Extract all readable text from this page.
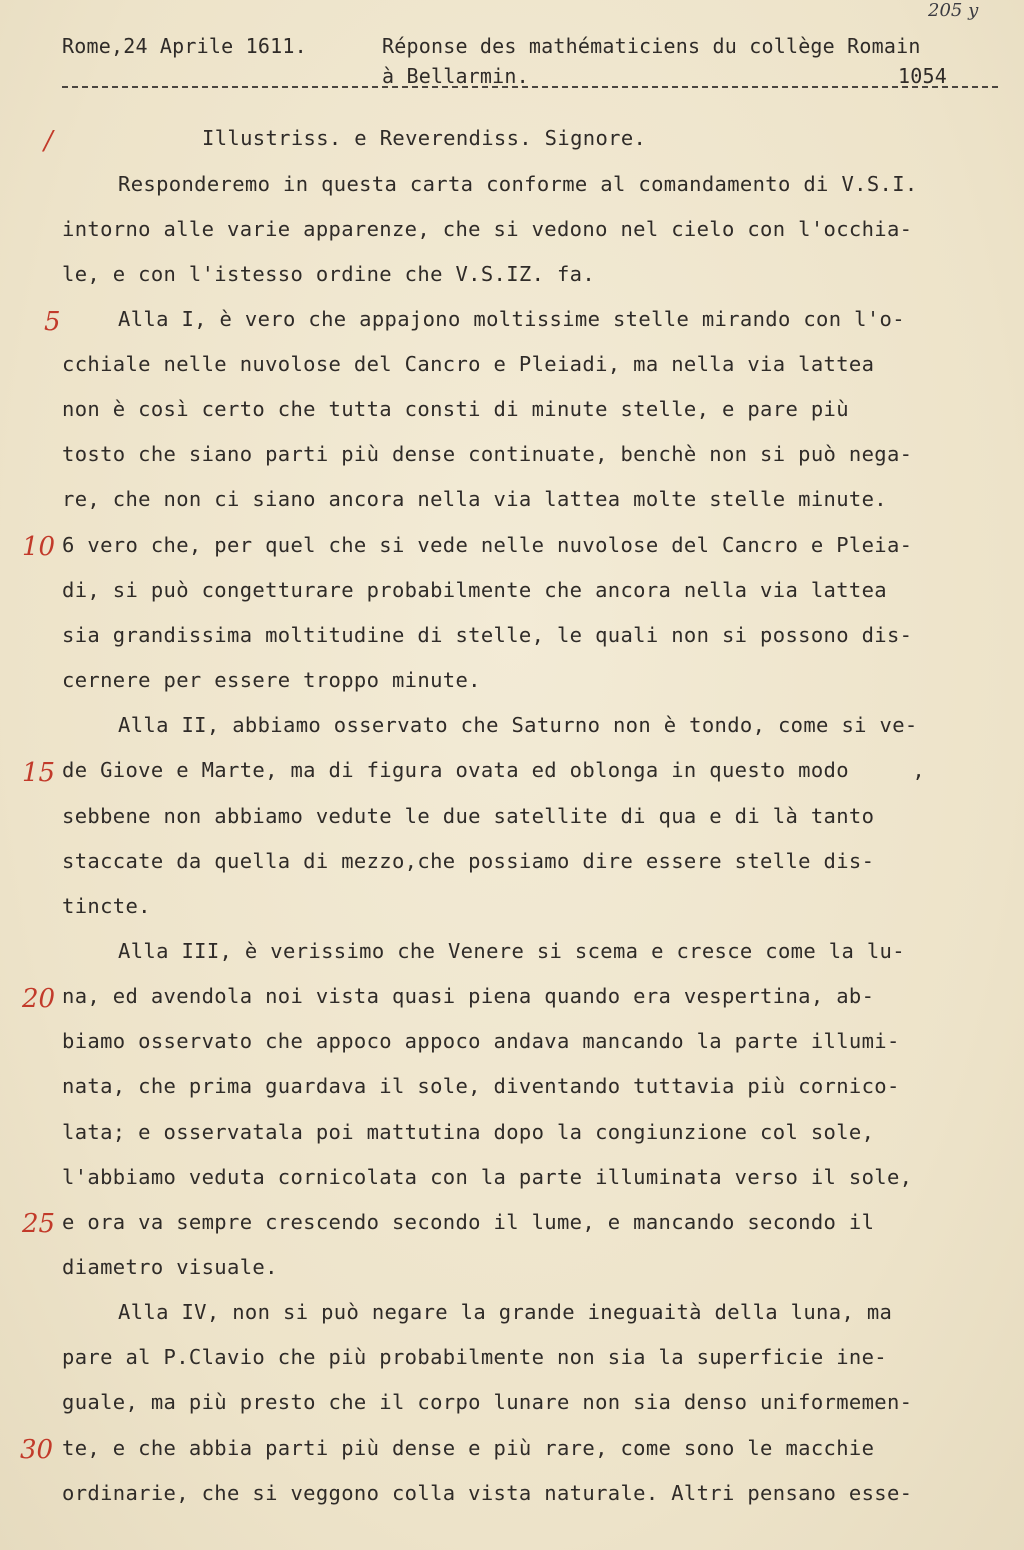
205 y
Rome,24 Aprile 1611.	Réponse des mathématiciens du collège Romain
à Bellarmin.	1054
Illustriss. e Reverendiss. Signore.
Responderemo in questa carta conforme al comandamento di V.S.I.
intorno alle varie apparenze, che si vedono nel cielo con l'occhia-
le, e con l'istesso ordine che V.S.IZ. fa.
Alla I, è vero che appajono moltissime stelle mirando con l'o-
cchiale nelle nuvolose del Cancro e Pleiadi, ma nella via lattea
non è così certo che tutta consti di minute stelle, e pare più
tosto che siano parti più dense continuate, benchè non si può nega-
re, che non ci siano ancora nella via lattea molte stelle minute.
6 vero che, per quel che si vede nelle nuvolose del Cancro e Pleia-
di, si può congetturare probabilmente che ancora nella via lattea
sia grandissima moltitudine di stelle, le quali non si possono dis-
cernere per essere troppo minute.
Alla II, abbiamo osservato che Saturno non è tondo, come si ve-
de Giove e Marte, ma di figura ovata ed oblonga in questo modo     ,
sebbene non abbiamo vedute le due satellite di qua e di là tanto
staccate da quella di mezzo,che possiamo dire essere stelle dis-
tincte.
Alla III, è verissimo che Venere si scema e cresce come la lu-
na, ed avendola noi vista quasi piena quando era vespertina, ab-
biamo osservato che appoco appoco andava mancando la parte illumi-
nata, che prima guardava il sole, diventando tuttavia più cornico-
lata; e osservatala poi mattutina dopo la congiunzione col sole,
l'abbiamo veduta cornicolata con la parte illuminata verso il sole,
e ora va sempre crescendo secondo il lume, e mancando secondo il
diametro visuale.
Alla IV, non si può negare la grande ineguaità della luna, ma
pare al P.Clavio che più probabilmente non sia la superficie ine-
guale, ma più presto che il corpo lunare non sia denso uniformemen-
te, e che abbia parti più dense e più rare, come sono le macchie
ordinarie, che si veggono colla vista naturale. Altri pensano esse-
/
5
10
15
20
25
30
